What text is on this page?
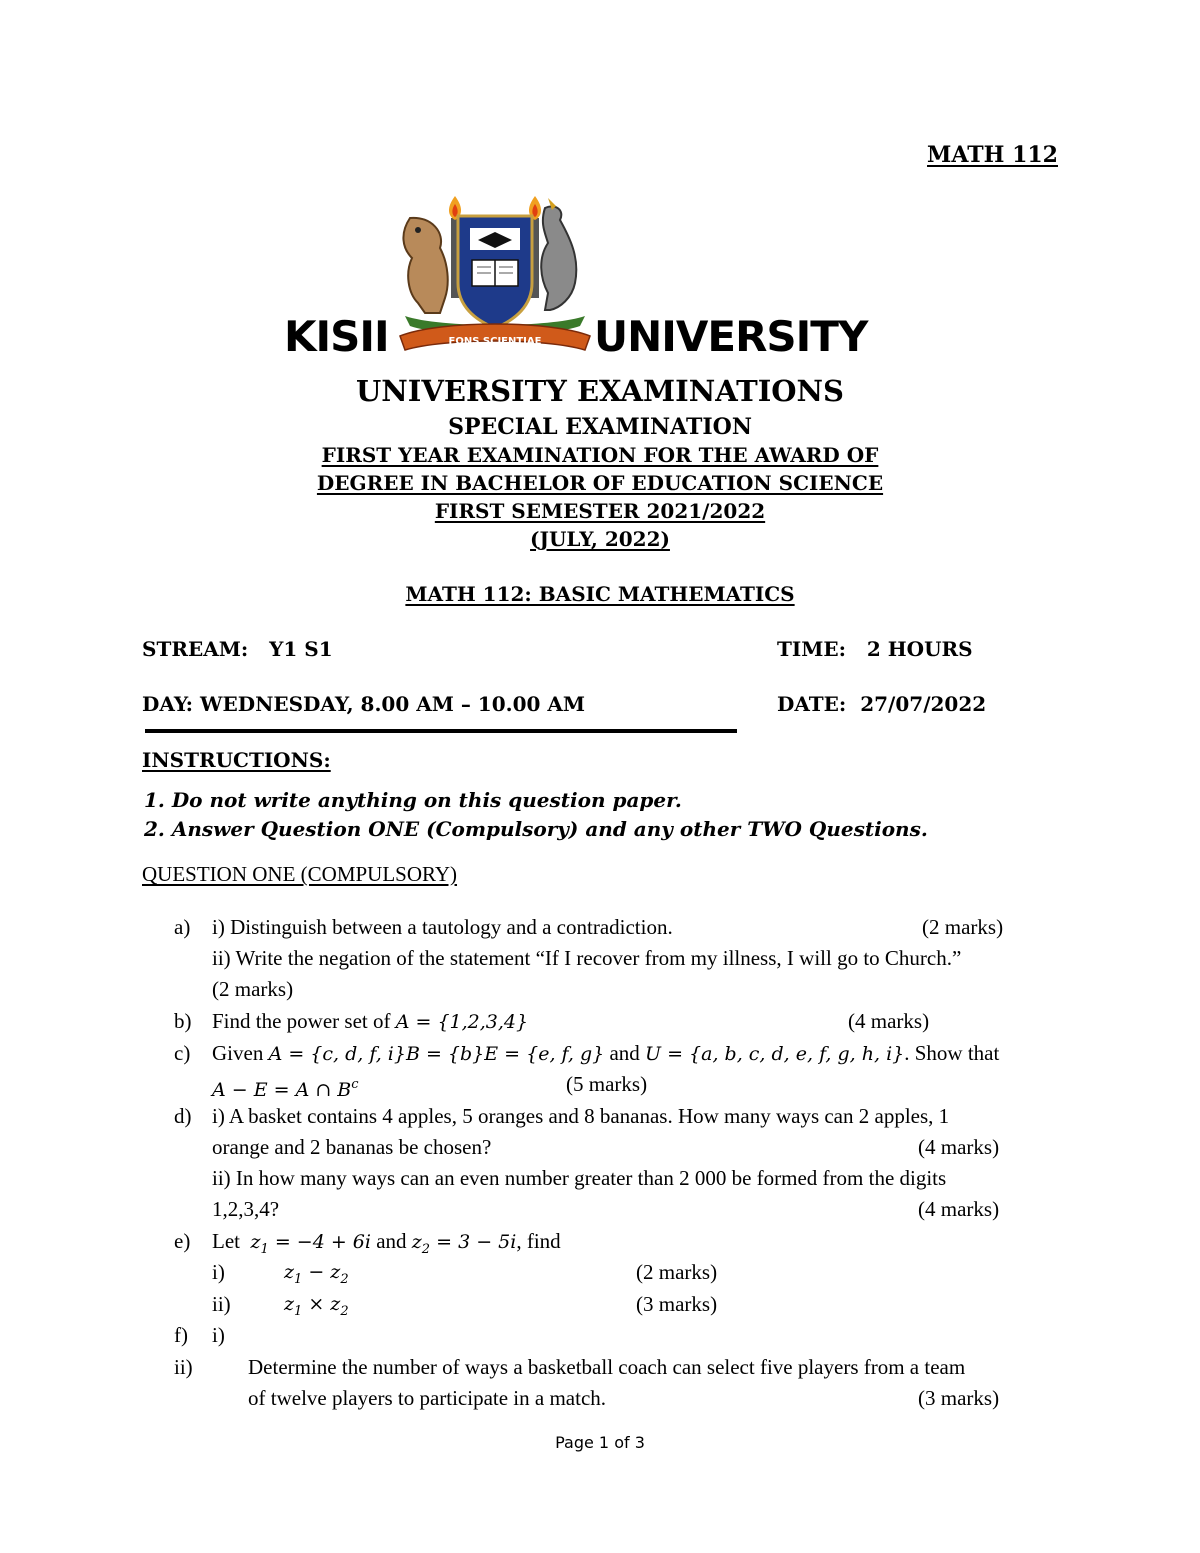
MATH 112
FONS SCIENTIAE
KISII	UNIVERSITY
UNIVERSITY EXAMINATIONS
SPECIAL EXAMINATION
FIRST YEAR EXAMINATION FOR THE AWARD OF
DEGREE IN BACHELOR OF EDUCATION SCIENCE
FIRST SEMESTER 2021/2022
(JULY, 2022)
MATH 112: BASIC MATHEMATICS
STREAM: Y1 S1	TIME: 2 HOURS
DAY: WEDNESDAY, 8.00 AM – 10.00 AM	DATE: 27/07/2022
INSTRUCTIONS:
1. Do not write anything on this question paper.
2. Answer Question ONE (Compulsory) and any other TWO Questions.
QUESTION ONE (COMPULSORY)
a) i) Distinguish between a tautology and a contradiction.	(2 marks)
ii) Write the negation of the statement “If I recover from my illness, I will go to Church.”
(2 marks)
b) Find the power set of A = {1,2,3,4}	(4 marks)
c) Given A = {c, d, f, i}B = {b}E = {e, f, g} and U = {a, b, c, d, e, f, g, h, i}. Show that
A − E = A ∩ $B^c$	(5 marks)
d) i) A basket contains 4 apples, 5 oranges and 8 bananas. How many ways can 2 apples, 1
orange and 2 bananas be chosen?	(4 marks)
ii) In how many ways can an even number greater than 2 000 be formed from the digits
1,2,3,4?	(4 marks)
e) Let $z_1 = -4 + 6i$ and $z_2 = 3 - 5i$, find
i)	$z_1 - z_2$	(2 marks)
ii)	$z_1 \times z_2$	(3 marks)
f) i)
ii)	Determine the number of ways a basketball coach can select five players from a team
of twelve players to participate in a match.	(3 marks)
Page 1 of 3
